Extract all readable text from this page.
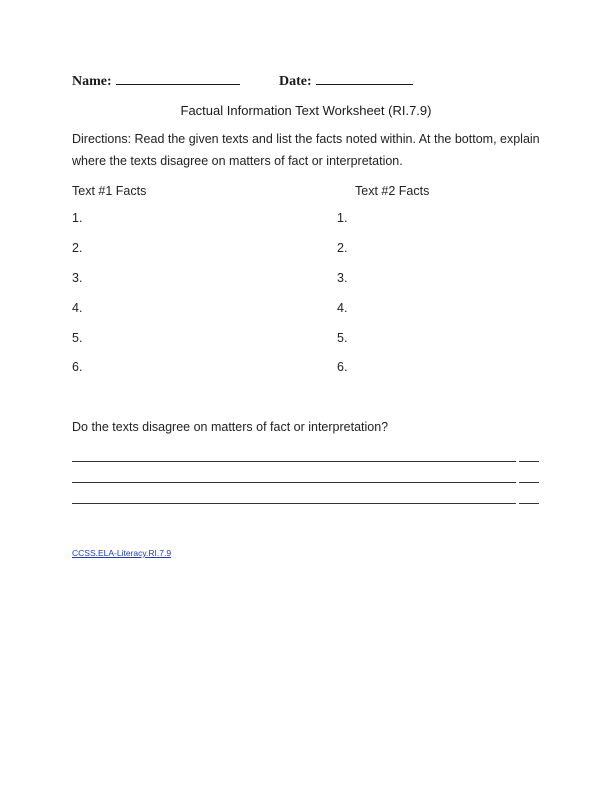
Name:	Date:
Factual Information Text Worksheet (RI.7.9)
Directions: Read the given texts and list the facts noted within. At the bottom, explain where the texts disagree on matters of fact or interpretation.
Text #1 Facts	Text #2 Facts
1.
2.
3.
4.
5.
6.
1.
2.
3.
4.
5.
6.
Do the texts disagree on matters of fact or interpretation?
CCSS.ELA-Literacy.RI.7.9
